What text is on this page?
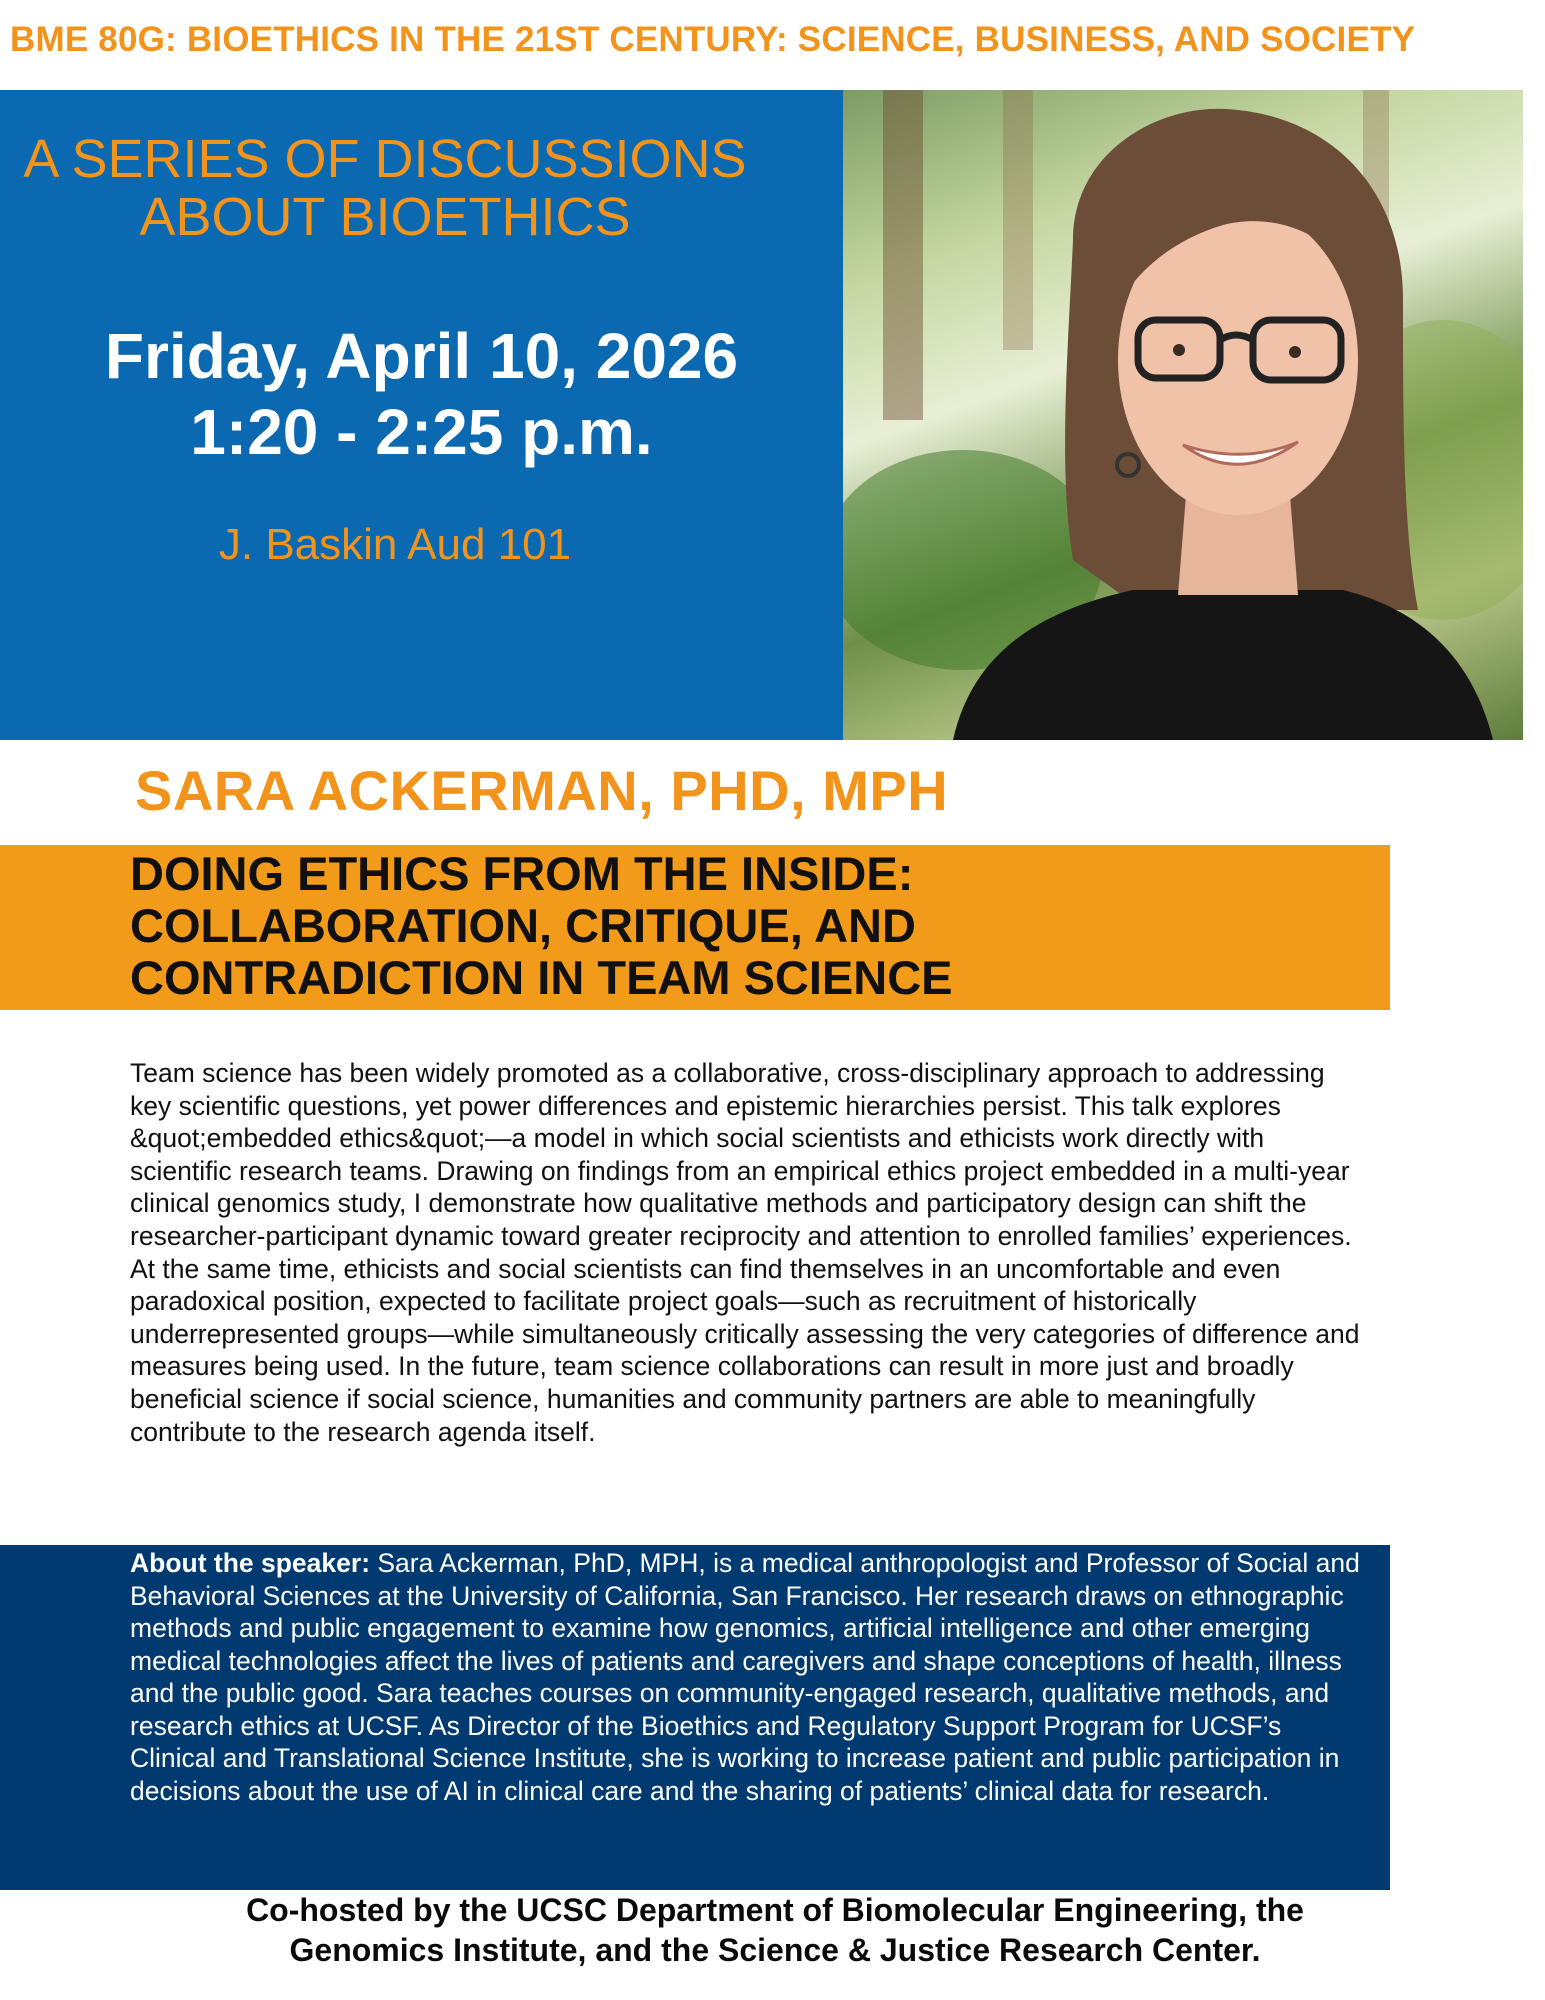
BME 80G: BIOETHICS IN THE 21ST CENTURY: SCIENCE, BUSINESS, AND SOCIETY
A SERIES OF DISCUSSIONS
ABOUT BIOETHICS
Friday, April 10, 2026
1:20 - 2:25 p.m.
J. Baskin Aud 101
SARA ACKERMAN, PHD, MPH
DOING ETHICS FROM THE INSIDE:
COLLABORATION, CRITIQUE, AND
CONTRADICTION IN TEAM SCIENCE
Team science has been widely promoted as a collaborative, cross-disciplinary approach to addressing key scientific questions, yet power differences and epistemic hierarchies persist. This talk explores &quot;embedded ethics&quot;—a model in which social scientists and ethicists work directly with scientific research teams. Drawing on findings from an empirical ethics project embedded in a multi-year clinical genomics study, I demonstrate how qualitative methods and participatory design can shift the researcher-participant dynamic toward greater reciprocity and attention to enrolled families’ experiences. At the same time, ethicists and social scientists can find themselves in an uncomfortable and even paradoxical position, expected to facilitate project goals—such as recruitment of historically underrepresented groups—while simultaneously critically assessing the very categories of difference and measures being used. In the future, team science collaborations can result in more just and broadly beneficial science if social science, humanities and community partners are able to meaningfully contribute to the research agenda itself.
About the speaker: Sara Ackerman, PhD, MPH, is a medical anthropologist and Professor of Social and Behavioral Sciences at the University of California, San Francisco. Her research draws on ethnographic methods and public engagement to examine how genomics, artificial intelligence and other emerging medical technologies affect the lives of patients and caregivers and shape conceptions of health, illness and the public good. Sara teaches courses on community-engaged research, qualitative methods, and research ethics at UCSF. As Director of the Bioethics and Regulatory Support Program for UCSF’s Clinical and Translational Science Institute, she is working to increase patient and public participation in decisions about the use of AI in clinical care and the sharing of patients’ clinical data for research.
Co-hosted by the UCSC Department of Biomolecular Engineering, the
Genomics Institute, and the Science & Justice Research Center.
